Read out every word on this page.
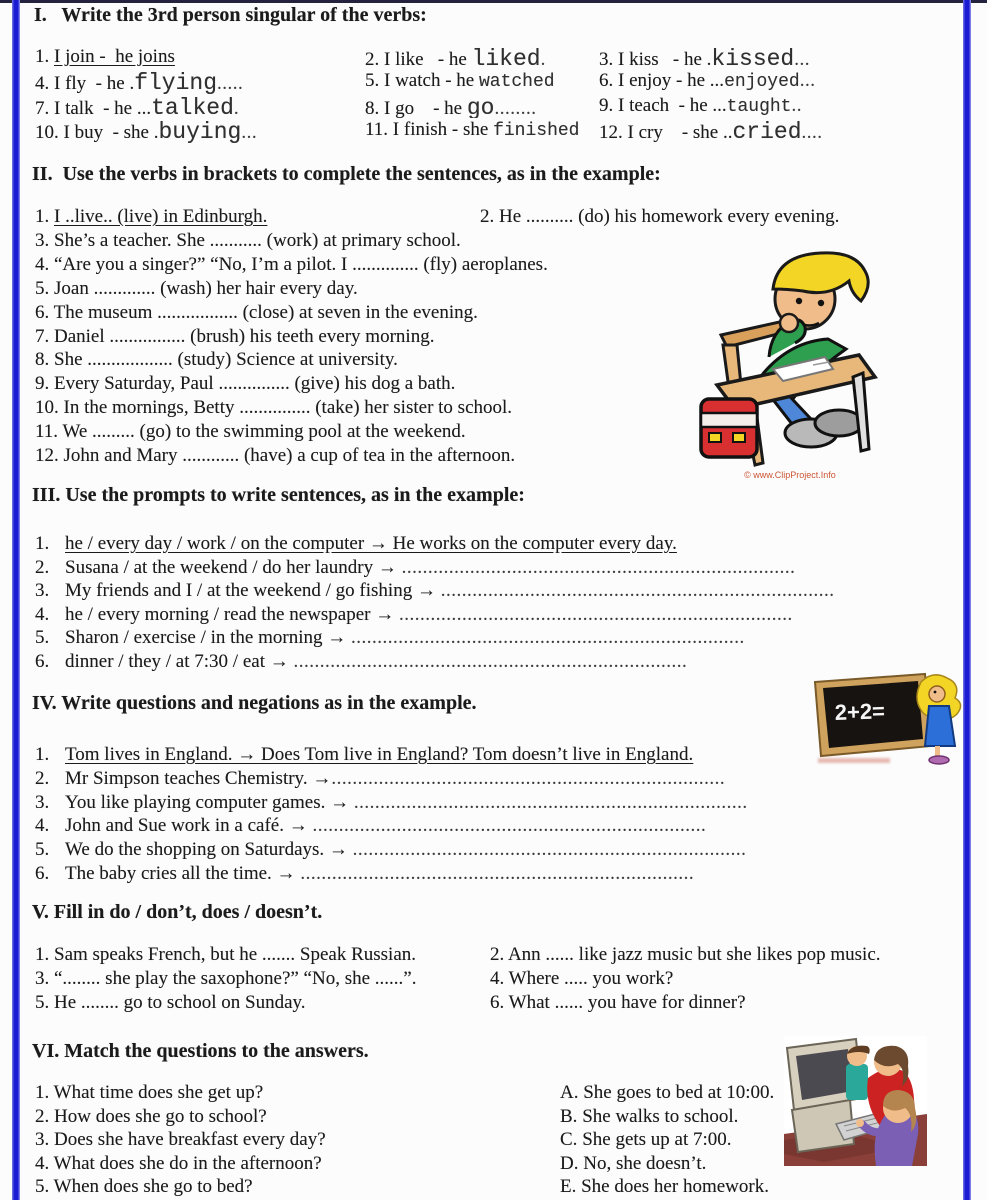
I.   Write the 3rd person singular of the verbs:
1. I join -  he joins	2. I like   - he liked.	3. I kiss   - he .kissed...
4. I fly  - he .flying.....	5. I watch - he watched	6. I enjoy - he ...enjoyed...
7. I talk  - he ...talked.	8. I go    - he go........	9. I teach  - he ...taught..
10. I buy  - she .buying...	11. I finish - she finished	12. I cry    - she ..cried....
II.  Use the verbs in brackets to complete the sentences, as in the example:
1. I ..live.. (live) in Edinburgh.	2. He .......... (do) his homework every evening.
3. She’s a teacher. She ........... (work) at primary school.
4. “Are you a singer?” “No, I’m a pilot. I .............. (fly) aeroplanes.
5. Joan ............. (wash) her hair every day.
6. The museum ................. (close) at seven in the evening.
7. Daniel ................ (brush) his teeth every morning.
8. She .................. (study) Science at university.
9. Every Saturday, Paul ............... (give) his dog a bath.
10. In the mornings, Betty ............... (take) her sister to school.
11. We ......... (go) to the swimming pool at the weekend.
12. John and Mary ............ (have) a cup of tea in the afternoon.
© www.ClipProject.Info
III. Use the prompts to write sentences, as in the example:
1. he / every day / work / on the computer → He works on the computer every day.
2. Susana / at the weekend / do her laundry → ...........................................................................
3. My friends and I / at the weekend / go fishing → ...........................................................................
4. he / every morning / read the newspaper → ...........................................................................
5. Sharon / exercise / in the morning → ...........................................................................
6. dinner / they / at 7:30 / eat → ...........................................................................
IV. Write questions and negations as in the example.
1. Tom lives in England. → Does Tom live in England? Tom doesn’t live in England.
2. Mr Simpson teaches Chemistry. →...........................................................................
3. You like playing computer games. → ...........................................................................
4. John and Sue work in a café. → ...........................................................................
5. We do the shopping on Saturdays. → ...........................................................................
6. The baby cries all the time. → ...........................................................................
2+2=
V. Fill in do / don’t, does / doesn’t.
1. Sam speaks French, but he ....... Speak Russian.	2. Ann ...... like jazz music but she likes pop music.
3. “........ she play the saxophone?” “No, she ......”.	4. Where ..... you work?
5. He ........ go to school on Sunday.	6. What ...... you have for dinner?
VI. Match the questions to the answers.
1. What time does she get up?	A. She goes to bed at 10:00.
2. How does she go to school?	B. She walks to school.
3. Does she have breakfast every day?	C. She gets up at 7:00.
4. What does she do in the afternoon?	D. No, she doesn’t.
5. When does she go to bed?	E. She does her homework.
